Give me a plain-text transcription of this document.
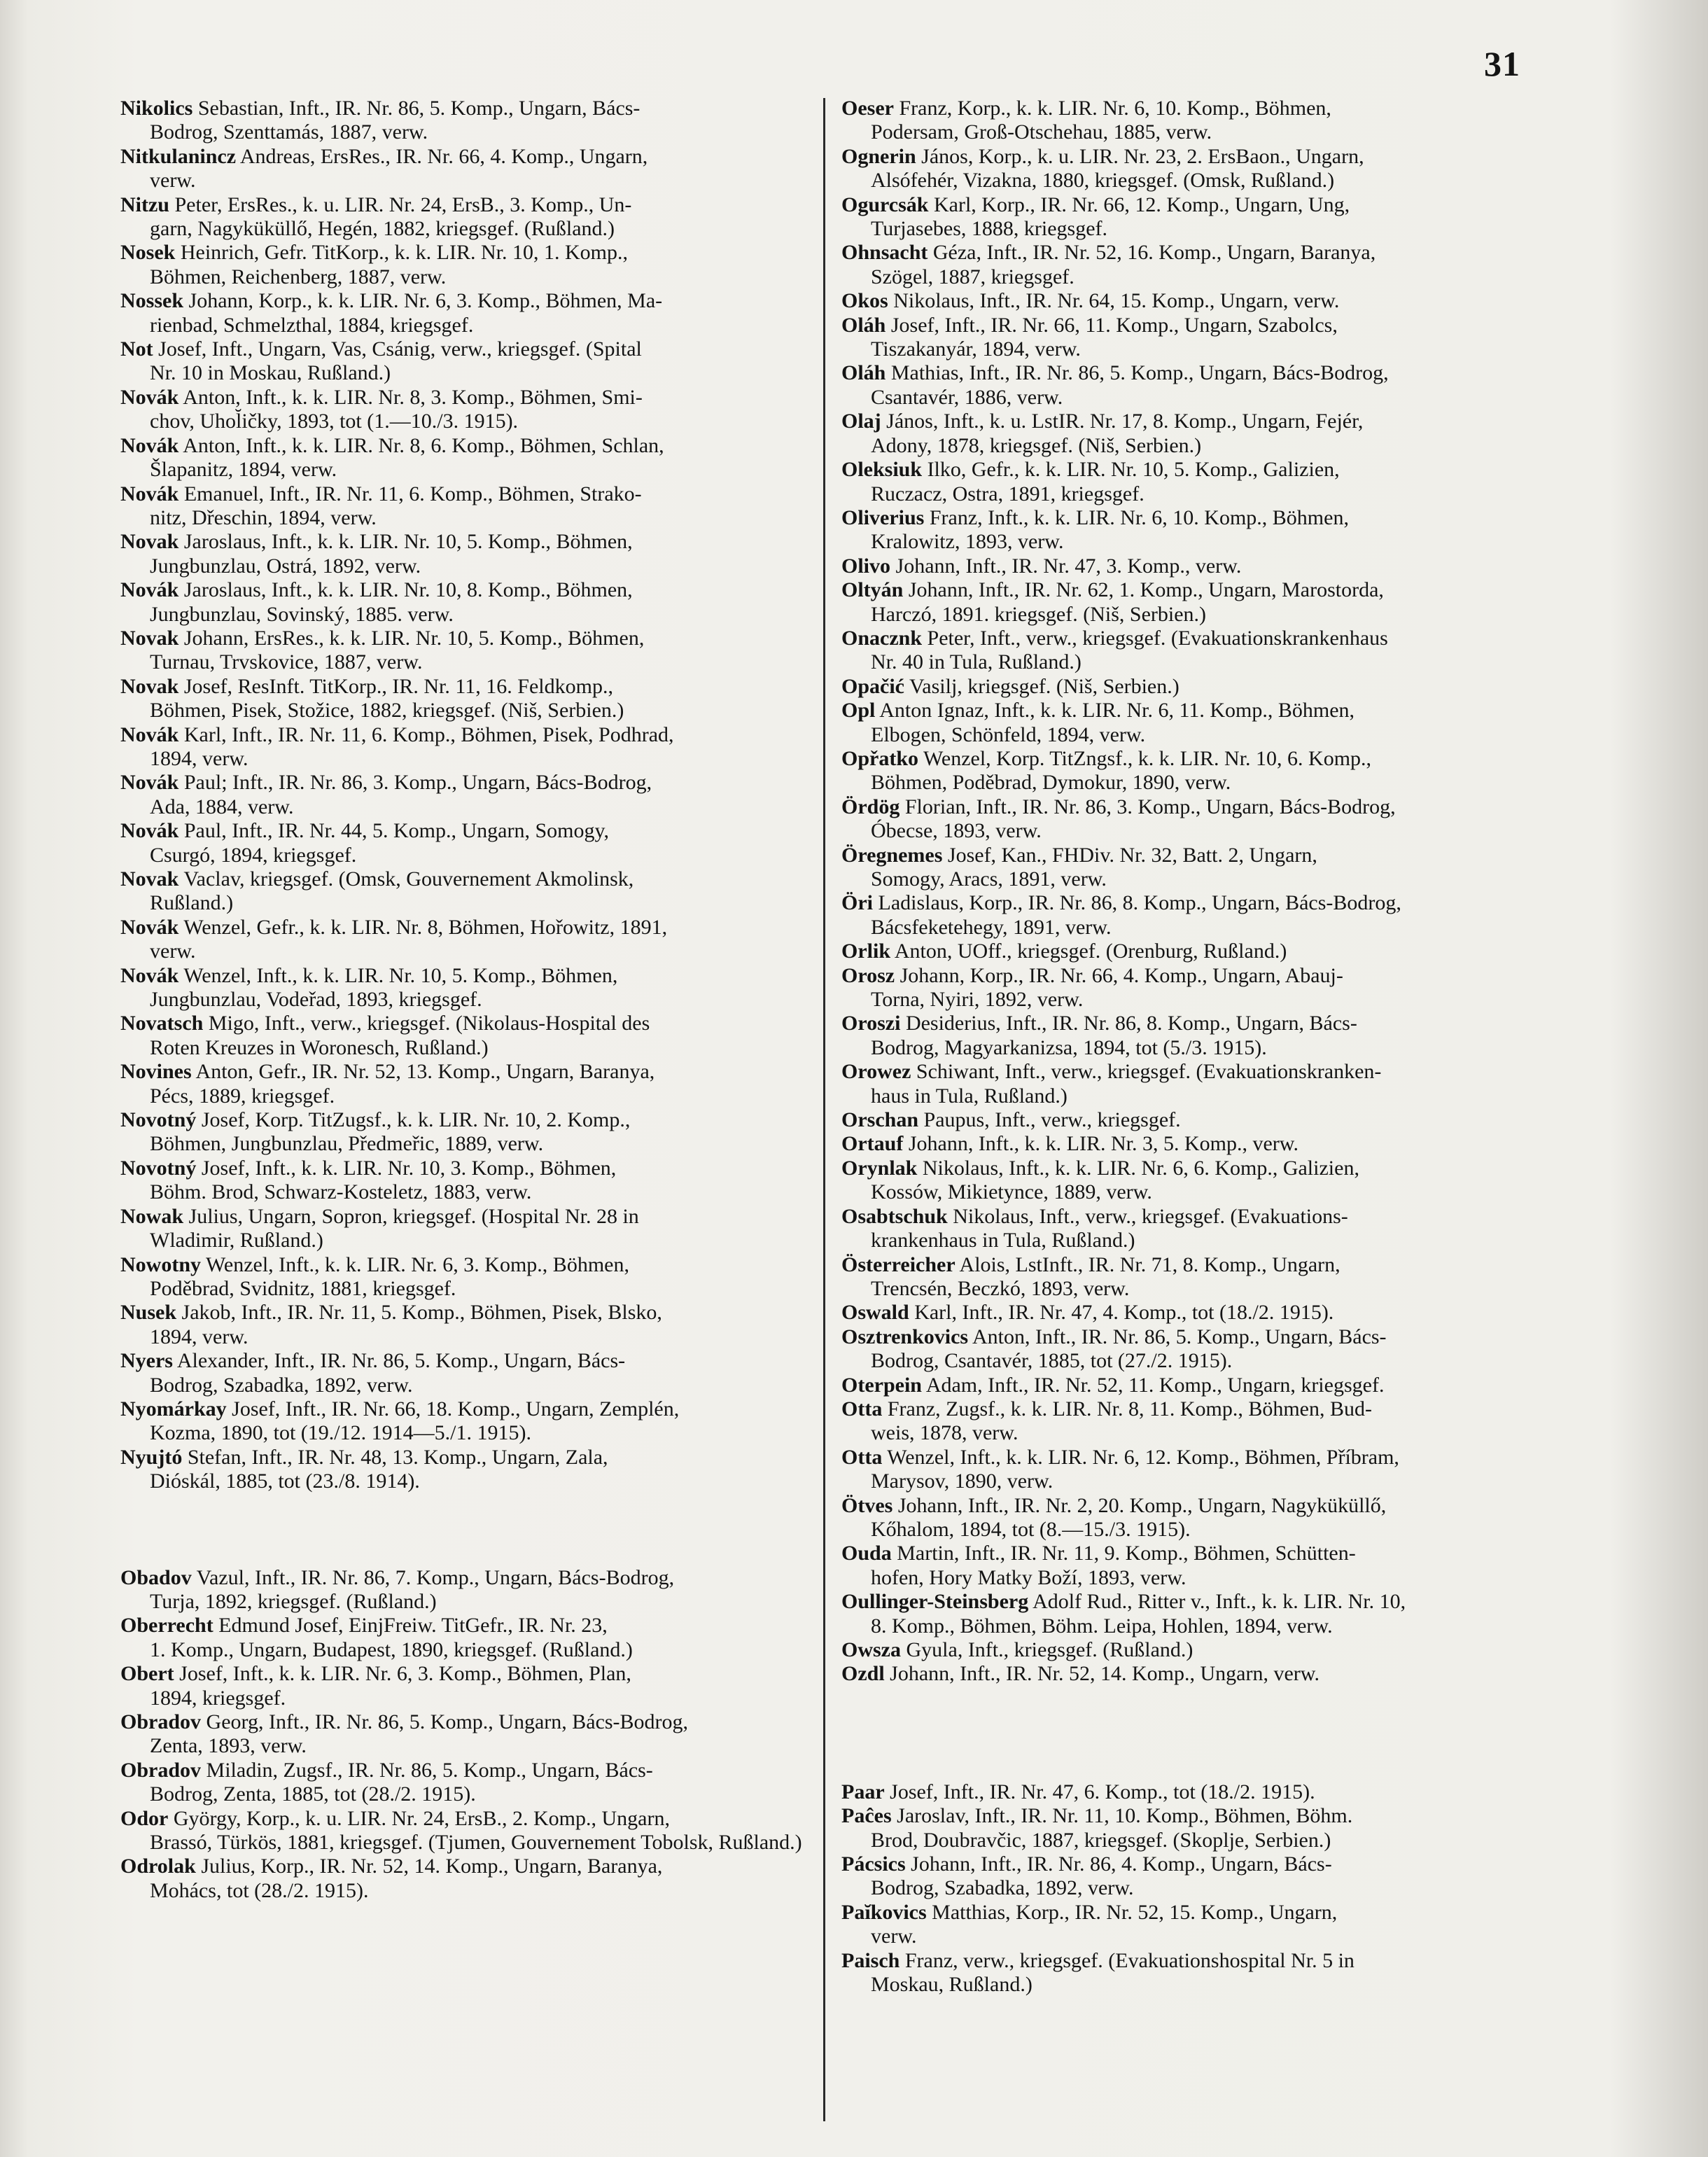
31

Nikolics Sebastian, Inft., IR. Nr. 86, 5. Komp., Ungarn, Bács-
Bodrog, Szenttamás, 1887, verw.

Nitkulanincz Andreas, ErsRes., IR. Nr. 66, 4. Komp., Ungarn,
verw.

Nitzu Peter, ErsRes., k. u. LIR. Nr. 24, ErsB., 3. Komp., Un-
garn, Nagyküküllő, Hegén, 1882, kriegsgef. (Rußland.)

Nosek Heinrich, Gefr. TitKorp., k. k. LIR. Nr. 10, 1. Komp.,
Böhmen, Reichenberg, 1887, verw.

Nossek Johann, Korp., k. k. LIR. Nr. 6, 3. Komp., Böhmen, Ma-
rienbad, Schmelzthal, 1884, kriegsgef.

Not Josef, Inft., Ungarn, Vas, Csánig, verw., kriegsgef. (Spital
Nr. 10 in Moskau, Rußland.)

Novák Anton, Inft., k. k. LIR. Nr. 8, 3. Komp., Böhmen, Smi-
chov, Uhol̆ičky, 1893, tot (1.—10./3. 1915).

Novák Anton, Inft., k. k. LIR. Nr. 8, 6. Komp., Böhmen, Schlan,
Šlapanitz, 1894, verw.

Novák Emanuel, Inft., IR. Nr. 11, 6. Komp., Böhmen, Strako-
nitz, Dřeschin, 1894, verw.

Novak Jaroslaus, Inft., k. k. LIR. Nr. 10, 5. Komp., Böhmen,
Jungbunzlau, Ostrá, 1892, verw.

Novák Jaroslaus, Inft., k. k. LIR. Nr. 10, 8. Komp., Böhmen,
Jungbunzlau, Sovinský, 1885. verw.

Novak Johann, ErsRes., k. k. LIR. Nr. 10, 5. Komp., Böhmen,
Turnau, Trvskovice, 1887, verw.

Novak Josef, ResInft. TitKorp., IR. Nr. 11, 16. Feldkomp.,
Böhmen, Pisek, Stožice, 1882, kriegsgef. (Niš, Serbien.)

Novák Karl, Inft., IR. Nr. 11, 6. Komp., Böhmen, Pisek, Podhrad,
1894, verw.

Novák Paul; Inft., IR. Nr. 86, 3. Komp., Ungarn, Bács-Bodrog,
Ada, 1884, verw.

Novák Paul, Inft., IR. Nr. 44, 5. Komp., Ungarn, Somogy,
Csurgó, 1894, kriegsgef.

Novak Vaclav, kriegsgef. (Omsk, Gouvernement Akmolinsk,
Rußland.)

Novák Wenzel, Gefr., k. k. LIR. Nr. 8, Böhmen, Hořowitz, 1891,
verw.

Novák Wenzel, Inft., k. k. LIR. Nr. 10, 5. Komp., Böhmen,
Jungbunzlau, Vodeřad, 1893, kriegsgef.

Novatsch Migo, Inft., verw., kriegsgef. (Nikolaus-Hospital des
Roten Kreuzes in Woronesch, Rußland.)

Novines Anton, Gefr., IR. Nr. 52, 13. Komp., Ungarn, Baranya,
Pécs, 1889, kriegsgef.

Novotný Josef, Korp. TitZugsf., k. k. LIR. Nr. 10, 2. Komp.,
Böhmen, Jungbunzlau, Předmeřic, 1889, verw.

Novotný Josef, Inft., k. k. LIR. Nr. 10, 3. Komp., Böhmen,
Böhm. Brod, Schwarz-Kosteletz, 1883, verw.

Nowak Julius, Ungarn, Sopron, kriegsgef. (Hospital Nr. 28 in
Wladimir, Rußland.)

Nowotny Wenzel, Inft., k. k. LIR. Nr. 6, 3. Komp., Böhmen,
Poděbrad, Svidnitz, 1881, kriegsgef.

Nusek Jakob, Inft., IR. Nr. 11, 5. Komp., Böhmen, Pisek, Blsko,
1894, verw.

Nyers Alexander, Inft., IR. Nr. 86, 5. Komp., Ungarn, Bács-
Bodrog, Szabadka, 1892, verw.

Nyomárkay Josef, Inft., IR. Nr. 66, 18. Komp., Ungarn, Zemplén,
Kozma, 1890, tot (19./12. 1914—5./1. 1915).

Nyujtó Stefan, Inft., IR. Nr. 48, 13. Komp., Ungarn, Zala,
Dióskál, 1885, tot (23./8. 1914).

Obadov Vazul, Inft., IR. Nr. 86, 7. Komp., Ungarn, Bács-Bodrog,
Turja, 1892, kriegsgef. (Rußland.)

Oberrecht Edmund Josef, EinjFreiw. TitGefr., IR. Nr. 23,
1. Komp., Ungarn, Budapest, 1890, kriegsgef. (Rußland.)

Obert Josef, Inft., k. k. LIR. Nr. 6, 3. Komp., Böhmen, Plan,
1894, kriegsgef.

Obradov Georg, Inft., IR. Nr. 86, 5. Komp., Ungarn, Bács-Bodrog,
Zenta, 1893, verw.

Obradov Miladin, Zugsf., IR. Nr. 86, 5. Komp., Ungarn, Bács-
Bodrog, Zenta, 1885, tot (28./2. 1915).

Odor György, Korp., k. u. LIR. Nr. 24, ErsB., 2. Komp., Ungarn,
Brassó, Türkös, 1881, kriegsgef. (Tjumen, Gouvernement Tobolsk, Rußland.)

Odrolak Julius, Korp., IR. Nr. 52, 14. Komp., Ungarn, Baranya,
Mohács, tot (28./2. 1915).

Oeser Franz, Korp., k. k. LIR. Nr. 6, 10. Komp., Böhmen,
Podersam, Groß-Otschehau, 1885, verw.

Ognerin János, Korp., k. u. LIR. Nr. 23, 2. ErsBaon., Ungarn,
Alsófehér, Vizakna, 1880, kriegsgef. (Omsk, Rußland.)

Ogurcsák Karl, Korp., IR. Nr. 66, 12. Komp., Ungarn, Ung,
Turjasebes, 1888, kriegsgef.

Ohnsacht Géza, Inft., IR. Nr. 52, 16. Komp., Ungarn, Baranya,
Szögel, 1887, kriegsgef.

Okos Nikolaus, Inft., IR. Nr. 64, 15. Komp., Ungarn, verw.

Oláh Josef, Inft., IR. Nr. 66, 11. Komp., Ungarn, Szabolcs,
Tiszakanyár, 1894, verw.

Oláh Mathias, Inft., IR. Nr. 86, 5. Komp., Ungarn, Bács-Bodrog,
Csantavér, 1886, verw.

Olaj János, Inft., k. u. LstIR. Nr. 17, 8. Komp., Ungarn, Fejér,
Adony, 1878, kriegsgef. (Niš, Serbien.)

Oleksiuk Ilko, Gefr., k. k. LIR. Nr. 10, 5. Komp., Galizien,
Ruczacz, Ostra, 1891, kriegsgef.

Oliverius Franz, Inft., k. k. LIR. Nr. 6, 10. Komp., Böhmen,
Kralowitz, 1893, verw.

Olivo Johann, Inft., IR. Nr. 47, 3. Komp., verw.

Oltyán Johann, Inft., IR. Nr. 62, 1. Komp., Ungarn, Marostorda,
Harczó, 1891. kriegsgef. (Niš, Serbien.)

Onacznk Peter, Inft., verw., kriegsgef. (Evakuationskrankenhaus
Nr. 40 in Tula, Rußland.)

Opačić Vasilj, kriegsgef. (Niš, Serbien.)

Opl Anton Ignaz, Inft., k. k. LIR. Nr. 6, 11. Komp., Böhmen,
Elbogen, Schönfeld, 1894, verw.

Opřatko Wenzel, Korp. TitZngsf., k. k. LIR. Nr. 10, 6. Komp.,
Böhmen, Poděbrad, Dymokur, 1890, verw.

Ördög Florian, Inft., IR. Nr. 86, 3. Komp., Ungarn, Bács-Bodrog,
Óbecse, 1893, verw.

Öregnemes Josef, Kan., FHDiv. Nr. 32, Batt. 2, Ungarn,
Somogy, Aracs, 1891, verw.

Öri Ladislaus, Korp., IR. Nr. 86, 8. Komp., Ungarn, Bács-Bodrog,
Bácsfeketehegy, 1891, verw.

Orlik Anton, UOff., kriegsgef. (Orenburg, Rußland.)

Orosz Johann, Korp., IR. Nr. 66, 4. Komp., Ungarn, Abauj-
Torna, Nyiri, 1892, verw.

Oroszi Desiderius, Inft., IR. Nr. 86, 8. Komp., Ungarn, Bács-
Bodrog, Magyarkanizsa, 1894, tot (5./3. 1915).

Orowez Schiwant, Inft., verw., kriegsgef. (Evakuationskranken-
haus in Tula, Rußland.)

Orschan Paupus, Inft., verw., kriegsgef.

Ortauf Johann, Inft., k. k. LIR. Nr. 3, 5. Komp., verw.

Orynlak Nikolaus, Inft., k. k. LIR. Nr. 6, 6. Komp., Galizien,
Kossów, Mikietynce, 1889, verw.

Osabtschuk Nikolaus, Inft., verw., kriegsgef. (Evakuations-
krankenhaus in Tula, Rußland.)

Österreicher Alois, LstInft., IR. Nr. 71, 8. Komp., Ungarn,
Trencsén, Beczkó, 1893, verw.

Oswald Karl, Inft., IR. Nr. 47, 4. Komp., tot (18./2. 1915).

Osztrenkovics Anton, Inft., IR. Nr. 86, 5. Komp., Ungarn, Bács-
Bodrog, Csantavér, 1885, tot (27./2. 1915).

Oterpein Adam, Inft., IR. Nr. 52, 11. Komp., Ungarn, kriegsgef.

Otta Franz, Zugsf., k. k. LIR. Nr. 8, 11. Komp., Böhmen, Bud-
weis, 1878, verw.

Otta Wenzel, Inft., k. k. LIR. Nr. 6, 12. Komp., Böhmen, Příbram,
Marysov, 1890, verw.

Ötves Johann, Inft., IR. Nr. 2, 20. Komp., Ungarn, Nagyküküllő,
Kőhalom, 1894, tot (8.—15./3. 1915).

Ouda Martin, Inft., IR. Nr. 11, 9. Komp., Böhmen, Schütten-
hofen, Hory Matky Boží, 1893, verw.

Oullinger-Steinsberg Adolf Rud., Ritter v., Inft., k. k. LIR. Nr. 10,
8. Komp., Böhmen, Böhm. Leipa, Hohlen, 1894, verw.

Owsza Gyula, Inft., kriegsgef. (Rußland.)

Ozdl Johann, Inft., IR. Nr. 52, 14. Komp., Ungarn, verw.

Paar Josef, Inft., IR. Nr. 47, 6. Komp., tot (18./2. 1915).

Paĉes Jaroslav, Inft., IR. Nr. 11, 10. Komp., Böhmen, Böhm.
Brod, Doubravčic, 1887, kriegsgef. (Skoplje, Serbien.)

Pácsics Johann, Inft., IR. Nr. 86, 4. Komp., Ungarn, Bács-
Bodrog, Szabadka, 1892, verw.

Paĭkovics Matthias, Korp., IR. Nr. 52, 15. Komp., Ungarn,
verw.

Paisch Franz, verw., kriegsgef. (Evakuationshospital Nr. 5 in
Moskau, Rußland.)
